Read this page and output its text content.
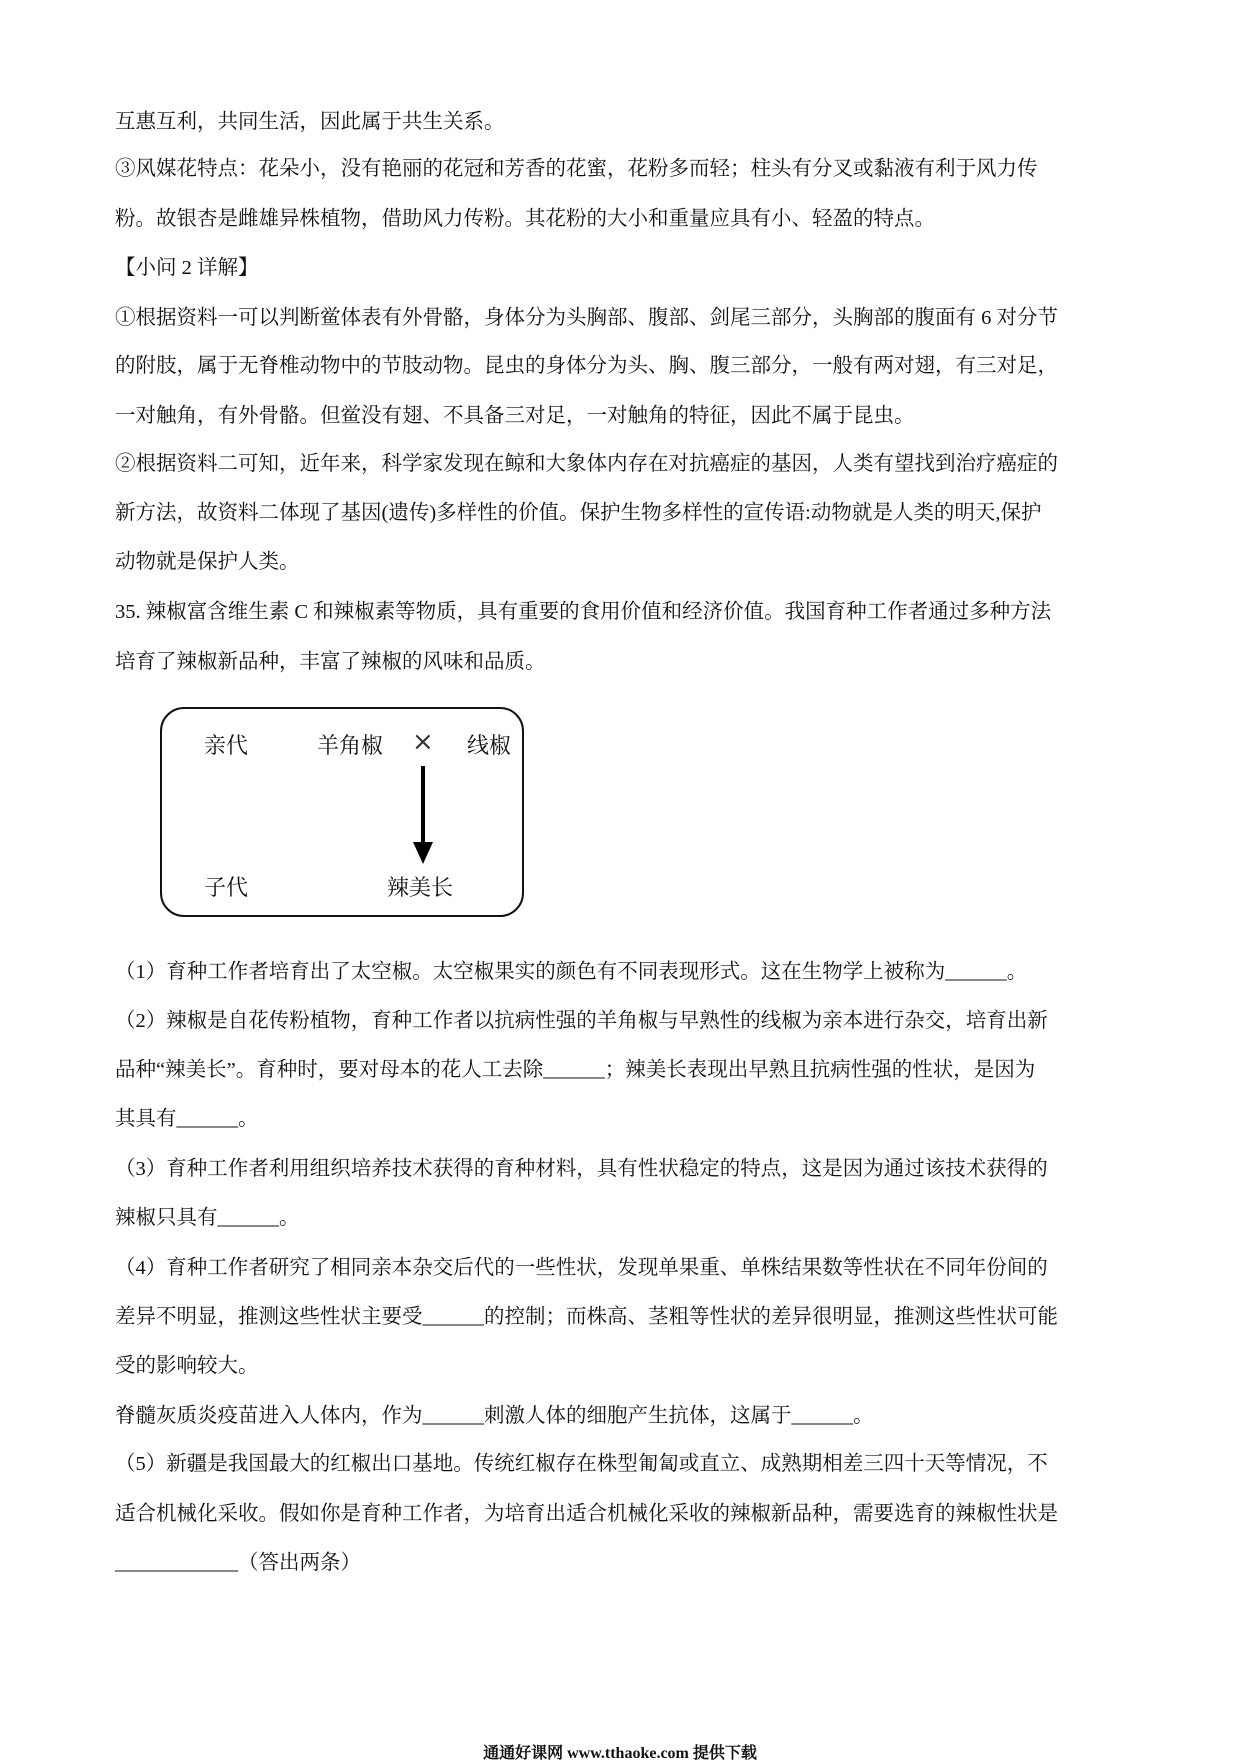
互惠互利，共同生活，因此属于共生关系。
③风媒花特点：花朵小，没有艳丽的花冠和芳香的花蜜，花粉多而轻；柱头有分叉或黏液有利于风力传
粉。故银杏是雌雄异株植物，借助风力传粉。其花粉的大小和重量应具有小、轻盈的特点。
【小问 2 详解】
①根据资料一可以判断鲎体表有外骨骼，身体分为头胸部、腹部、剑尾三部分，头胸部的腹面有 6 对分节
的附肢，属于无脊椎动物中的节肢动物。昆虫的身体分为头、胸、腹三部分，一般有两对翅，有三对足，
一对触角，有外骨骼。但鲎没有翅、不具备三对足，一对触角的特征，因此不属于昆虫。
②根据资料二可知，近年来，科学家发现在鲸和大象体内存在对抗癌症的基因，人类有望找到治疗癌症的
新方法，故资料二体现了基因(遗传)多样性的价值。保护生物多样性的宣传语:动物就是人类的明天,保护
动物就是保护人类。
35. 辣椒富含维生素 C 和辣椒素等物质，具有重要的食用价值和经济价值。我国育种工作者通过多种方法
培育了辣椒新品种，丰富了辣椒的风味和品质。
亲代	羊角椒 × 线椒
子代	辣美长
（1）育种工作者培育出了太空椒。太空椒果实的颜色有不同表现形式。这在生物学上被称为______。
（2）辣椒是自花传粉植物，育种工作者以抗病性强的羊角椒与早熟性的线椒为亲本进行杂交，培育出新
品种“辣美长”。育种时，要对母本的花人工去除______；辣美长表现出早熟且抗病性强的性状，是因为
其具有______。
（3）育种工作者利用组织培养技术获得的育种材料，具有性状稳定的特点，这是因为通过该技术获得的
辣椒只具有______。
（4）育种工作者研究了相同亲本杂交后代的一些性状，发现单果重、单株结果数等性状在不同年份间的
差异不明显，推测这些性状主要受______的控制；而株高、茎粗等性状的差异很明显，推测这些性状可能
受的影响较大。
脊髓灰质炎疫苗进入人体内，作为______刺激人体的细胞产生抗体，这属于______。
（5）新疆是我国最大的红椒出口基地。传统红椒存在株型匍匐或直立、成熟期相差三四十天等情况，不
适合机械化采收。假如你是育种工作者，为培育出适合机械化采收的辣椒新品种，需要选育的辣椒性状是
____________（答出两条）
通通好课网 www.tthaoke.com 提供下载
